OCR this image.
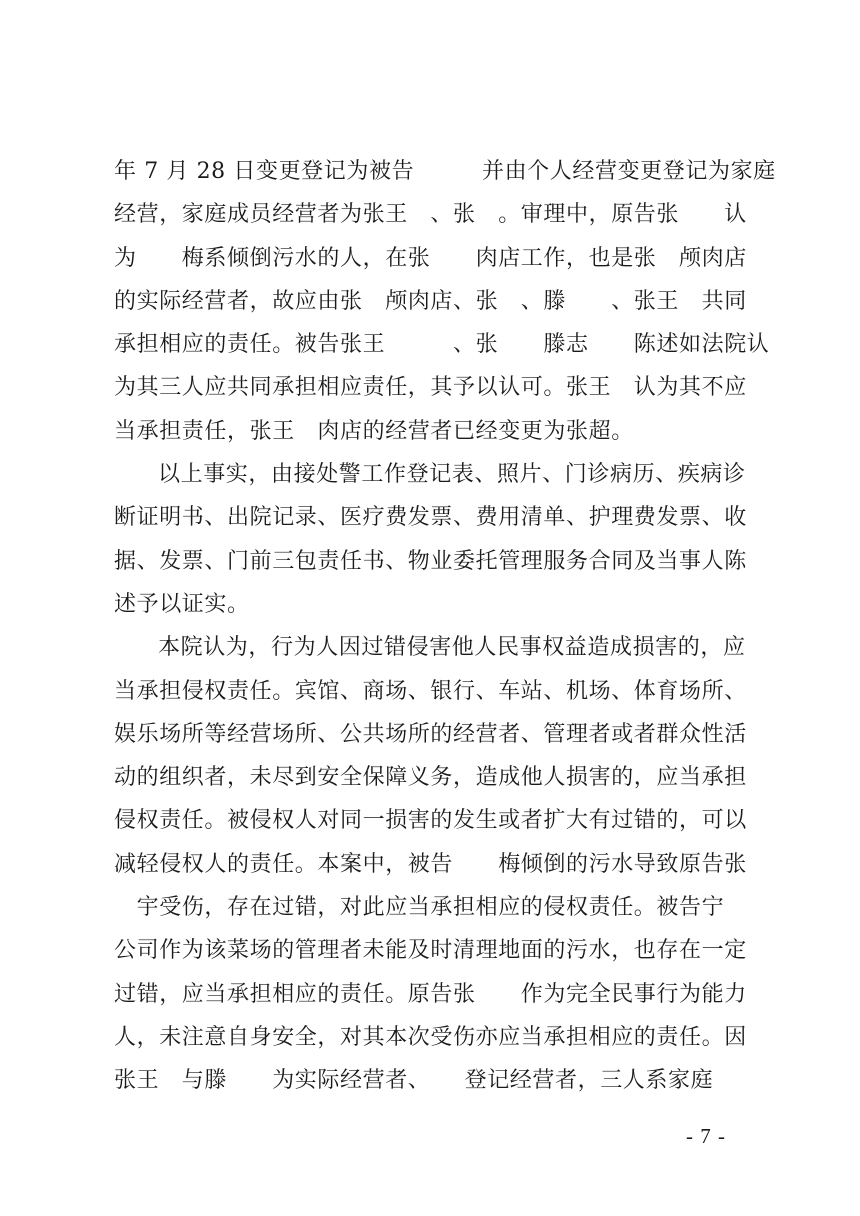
年 7 月 28 日变更登记为被告　　　并由个人经营变更登记为家庭
经营，家庭成员经营者为张王　、张　。审理中，原告张　　认
为　　梅系倾倒污水的人，在张　　肉店工作，也是张　颅肉店
的实际经营者，故应由张　颅肉店、张　、滕　　、张王　共同
承担相应的责任。被告张王　　　、张　　滕志　　陈述如法院认
为其三人应共同承担相应责任，其予以认可。张王　认为其不应
当承担责任，张王　肉店的经营者已经变更为张超。
以上事实，由接处警工作登记表、照片、门诊病历、疾病诊
断证明书、出院记录、医疗费发票、费用清单、护理费发票、收
据、发票、门前三包责任书、物业委托管理服务合同及当事人陈
述予以证实。
本院认为，行为人因过错侵害他人民事权益造成损害的，应
当承担侵权责任。宾馆、商场、银行、车站、机场、体育场所、
娱乐场所等经营场所、公共场所的经营者、管理者或者群众性活
动的组织者，未尽到安全保障义务，造成他人损害的，应当承担
侵权责任。被侵权人对同一损害的发生或者扩大有过错的，可以
减轻侵权人的责任。本案中，被告　　梅倾倒的污水导致原告张
　宇受伤，存在过错，对此应当承担相应的侵权责任。被告宁　
公司作为该菜场的管理者未能及时清理地面的污水，也存在一定
过错，应当承担相应的责任。原告张　　作为完全民事行为能力
人，未注意自身安全，对其本次受伤亦应当承担相应的责任。因
张王　与滕　　为实际经营者、　　登记经营者，三人系家庭
- 7 -
